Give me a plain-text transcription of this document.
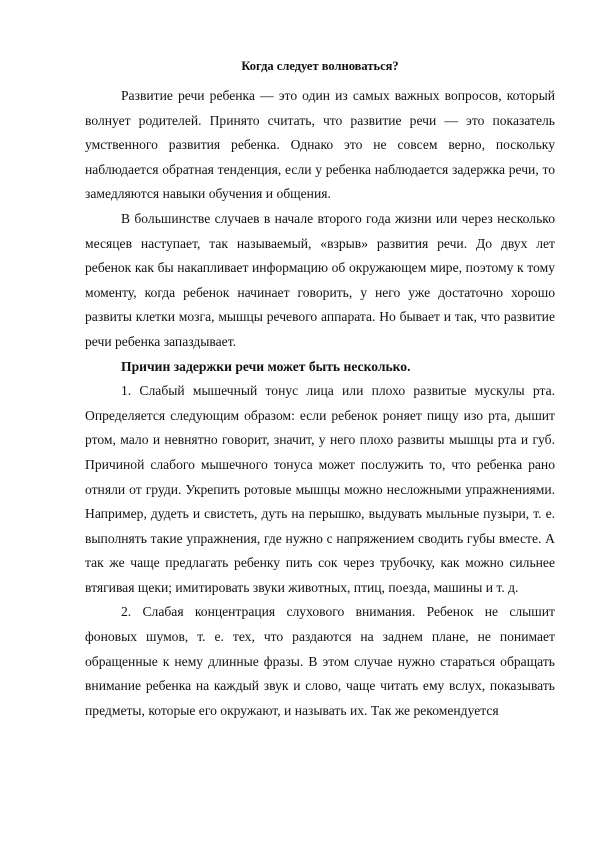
Когда следует волноваться?

Развитие речи ребенка — это один из самых важных вопросов, который волнует родителей. Принято считать, что развитие речи — это показатель умственного развития ребенка. Однако это не совсем верно, поскольку наблюдается обратная тенденция, если у ребенка наблюдается задержка речи, то замедляются навыки обучения и общения.

В большинстве случаев в начале второго года жизни или через несколько месяцев наступает, так называемый, «взрыв» развития речи. До двух лет ребенок как бы накапливает информацию об окружающем мире, поэтому к тому моменту, когда ребенок начинает говорить, у него уже достаточно хорошо развиты клетки мозга, мышцы речевого аппарата. Но бывает и так, что развитие речи ребенка запаздывает.

Причин задержки речи может быть несколько.

1. Слабый мышечный тонус лица или плохо развитые мускулы рта. Определяется следующим образом: если ребенок роняет пищу изо рта, дышит ртом, мало и невнятно говорит, значит, у него плохо развиты мышцы рта и губ. Причиной слабого мышечного тонуса может послужить то, что ребенка рано отняли от груди. Укрепить ротовые мышцы можно несложными упражнениями. Например, дудеть и свистеть, дуть на перышко, выдувать мыльные пузыри, т. е. выполнять такие упражнения, где нужно с напряжением сводить губы вместе. А так же чаще предлагать ребенку пить сок через трубочку, как можно сильнее втягивая щеки; имитировать звуки животных, птиц, поезда, машины и т. д.

2. Слабая концентрация слухового внимания. Ребенок не слышит фоновых шумов, т. е. тех, что раздаются на заднем плане, не понимает обращенные к нему длинные фразы. В этом случае нужно стараться обращать внимание ребенка на каждый звук и слово, чаще читать ему вслух, показывать предметы, которые его окружают, и называть их. Так же рекомендуется
